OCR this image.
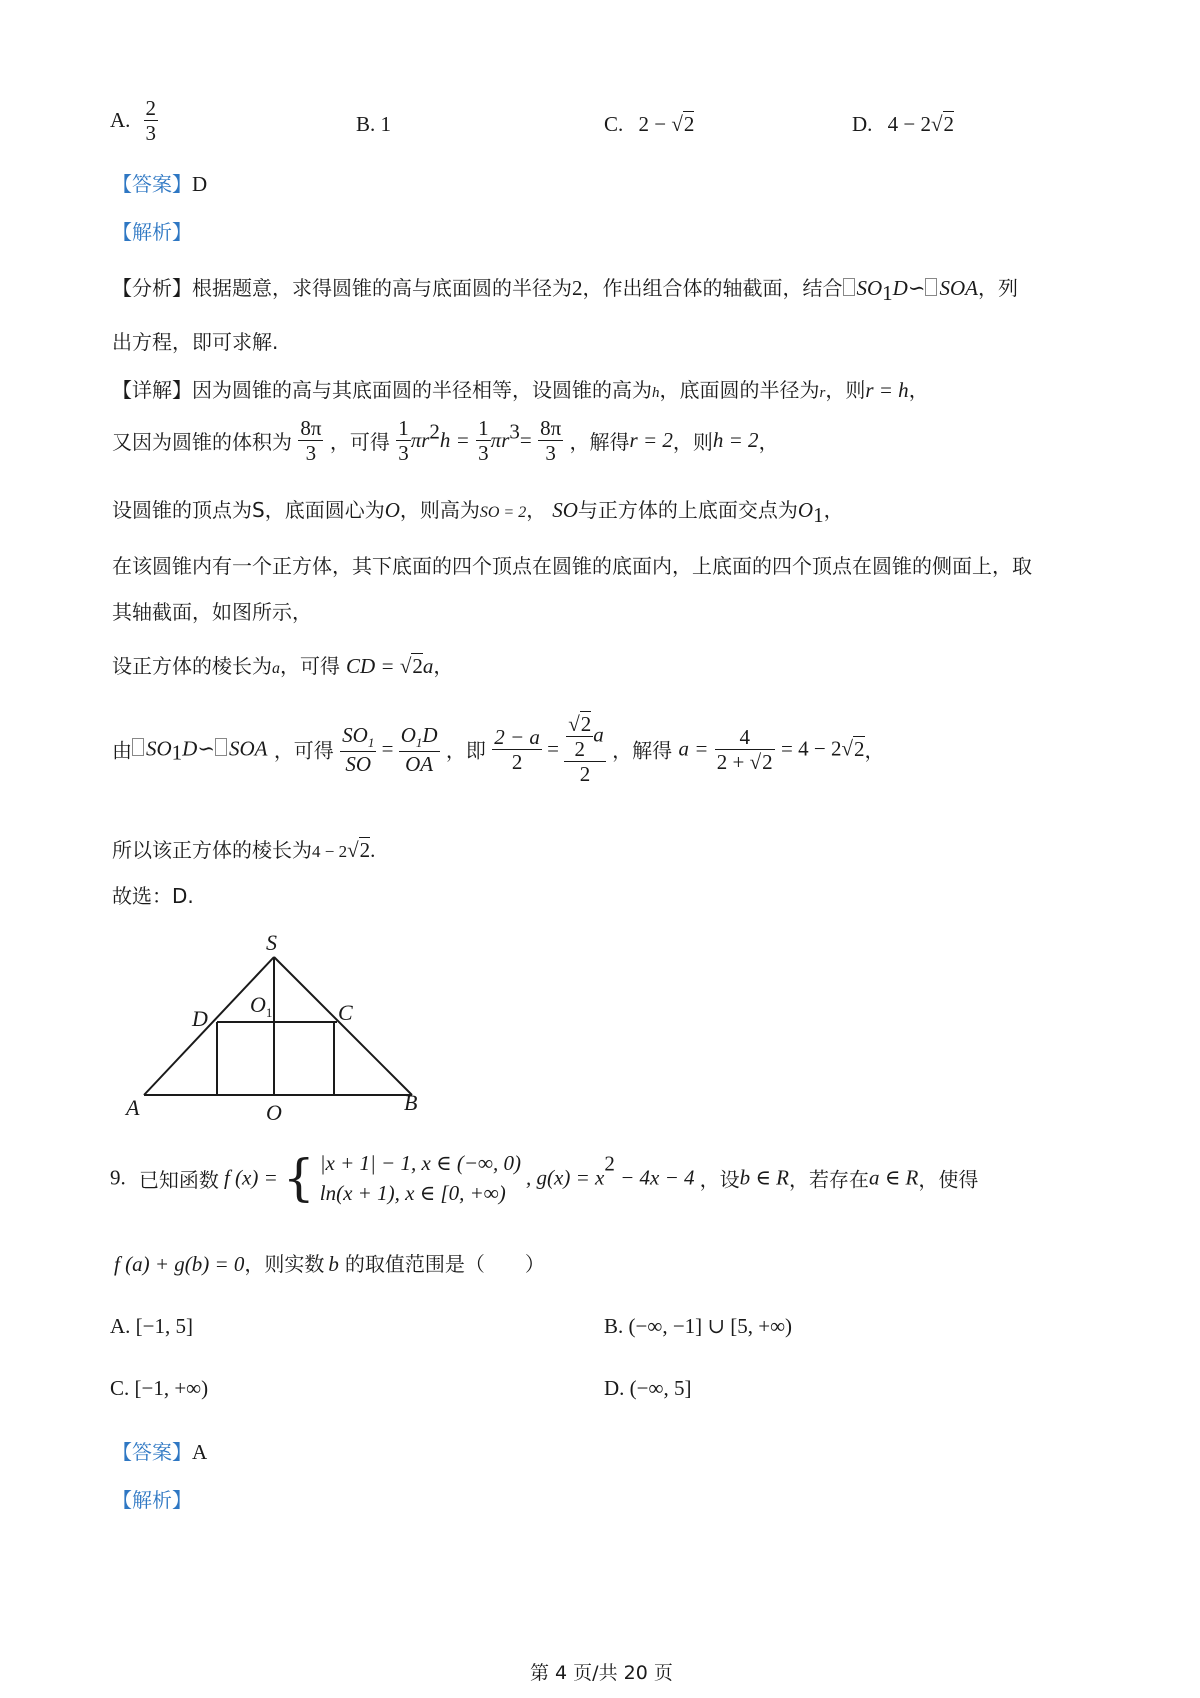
A. $\frac{2}{3}$	B. 1	C. 2 − √2	D. 4 − 2√2
【答案】D
【解析】
【分析】根据题意，求得圆锥的高与底面圆的半径为2，作出组合体的轴截面，结合 $SO_1D∽$ SOA，列
出方程，即可求解.
【详解】因为圆锥的高与其底面圆的半径相等，设圆锥的高为h，底面圆的半径为r，则r = h，
又因为圆锥的体积为 $\frac{8\pi}{3}$ ，可得 $\frac{1}{3} \pi r^2h = \frac{1}{3} \pi r^3= \frac{8\pi}{3}$ ，解得r = 2，则h = 2，
设圆锥的顶点为S，底面圆心为O，则高为SO = 2， SO与正方体的上底面交点为$O_1$，
在该圆锥内有一个正方体，其下底面的四个顶点在圆锥的底面内，上底面的四个顶点在圆锥的侧面上，取
其轴截面，如图所示，
设正方体的棱长为a，可得 CD = √2a，
由 $SO_1D∽$ SOA ，可得 $\frac{SO_1}{SO} = \frac{O_1D}{OA}$ ，即 $\frac{2 - a}{2} = \frac{\frac{√2}{2} a}{2}$ ，解得 $a = \frac{4}{2 + √2} = 4 - 2√2$，
所以该正方体的棱长为4 − 2√2.
故选：D.
S
D
$O_1$	C
A	O	B
9. 已知函数 f (x) = { |x + 1| − 1, x ∈ (−∞, 0)
ln(x + 1), x ∈ [0, +∞)
, $g(x) = x^2 - 4x - 4$ ，设b ∈ R，若存在a ∈ R，使得
f (a) + g(b) = 0，则实数 b 的取值范围是（　　）
A. [−1, 5]	B. (−∞, −1] ∪ [5, +∞)
C. [−1, +∞)	D. (−∞, 5]
【答案】A
【解析】
第 4 页/共 20 页
